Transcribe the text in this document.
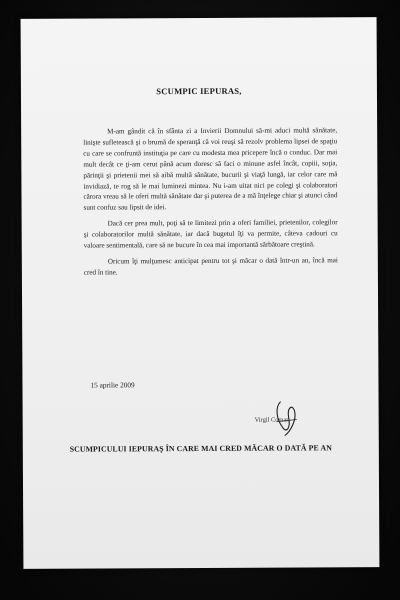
SCUMPIC IEPURAS,

M-am gândit că în sfânta zi a Invierii Domnului să-mi aduci multă sănătate, linişte sufletească şi o brumă de speranţă că voi reuşi să rezolv problema lipsei de spaţiu cu care se confruntă instituţia pe care cu modesta mea pricepere încă o conduc. Dar mai mult decât ce ţi-am cerut până acum doresc să faci o minune asfel încât, copiii, soţia, părinţii şi prietenii mei să aibă multă sănătate, bucurii şi viaţă lungă, iar celor care mă invidiază, te rog să le mai luminezi mintea. Nu i-am uitat nici pe colegi şi colaboratori cărora vreau să le oferi multă sănătate dar şi puterea de a mă înţelege chiar şi atunci când sunt confuz sau lipsit de idei.

Dacă cer prea mult, poţi să te limitezi prin a oferi familiei, prietenilor, colegilor şi colaboratorilor multă sănătate, iar dacă bugetul îţi va permite, câteva cadouri cu valoare sentimentală, care să ne bucure în cea mai importantă sărbătoare creştină.

Oricum îţi mulţumesc anticipat pentru tot şi măcar o dată într-un an, încă mai cred în tine.

15 aprilie 2009
Virgil Coman
SCUMPICULUI IEPURAŞ ÎN CARE MAI CRED MĂCAR O DATĂ PE AN
